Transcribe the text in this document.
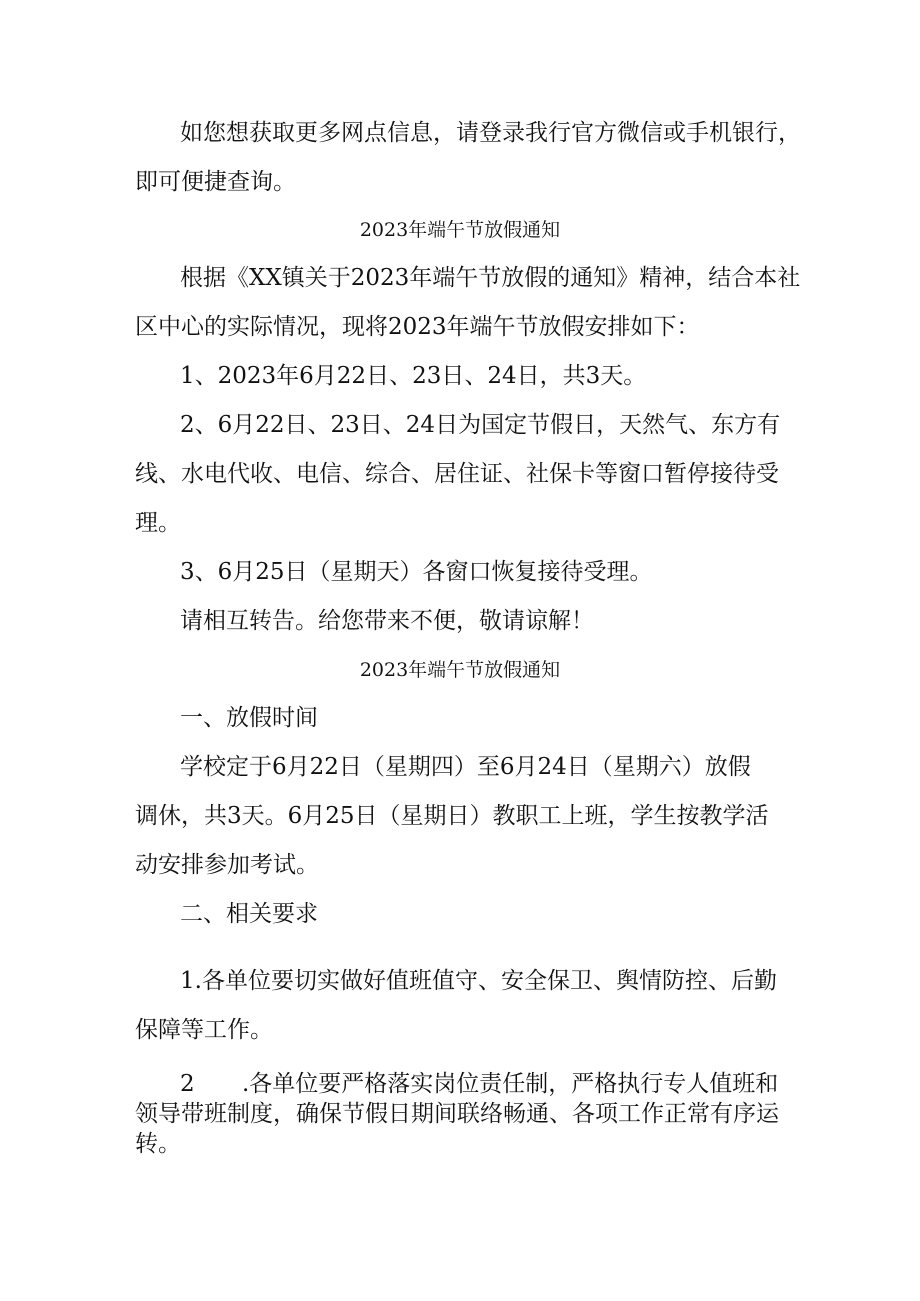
如您想获取更多网点信息，请登录我行官方微信或手机银行，
即可便捷查询。
2023年端午节放假通知
根据《XX镇关于2023年端午节放假的通知》精神，结合本社
区中心的实际情况，现将2023年端午节放假安排如下：
1、2023年6月22日、23日、24日，共3天。
2、6月22日、23日、24日为国定节假日，天然气、东方有
线、水电代收、电信、综合、居住证、社保卡等窗口暂停接待受
理。
3、6月25日（星期天）各窗口恢复接待受理。
请相互转告。给您带来不便，敬请谅解！
2023年端午节放假通知
一、放假时间
学校定于6月22日（星期四）至6月24日（星期六）放假
调休，共3天。6月25日（星期日）教职工上班，学生按教学活
动安排参加考试。
二、相关要求
1.各单位要切实做好值班值守、安全保卫、舆情防控、后勤
保障等工作。
2 .各单位要严格落实岗位责任制，严格执行专人值班和
领导带班制度，确保节假日期间联络畅通、各项工作正常有序运
转。
